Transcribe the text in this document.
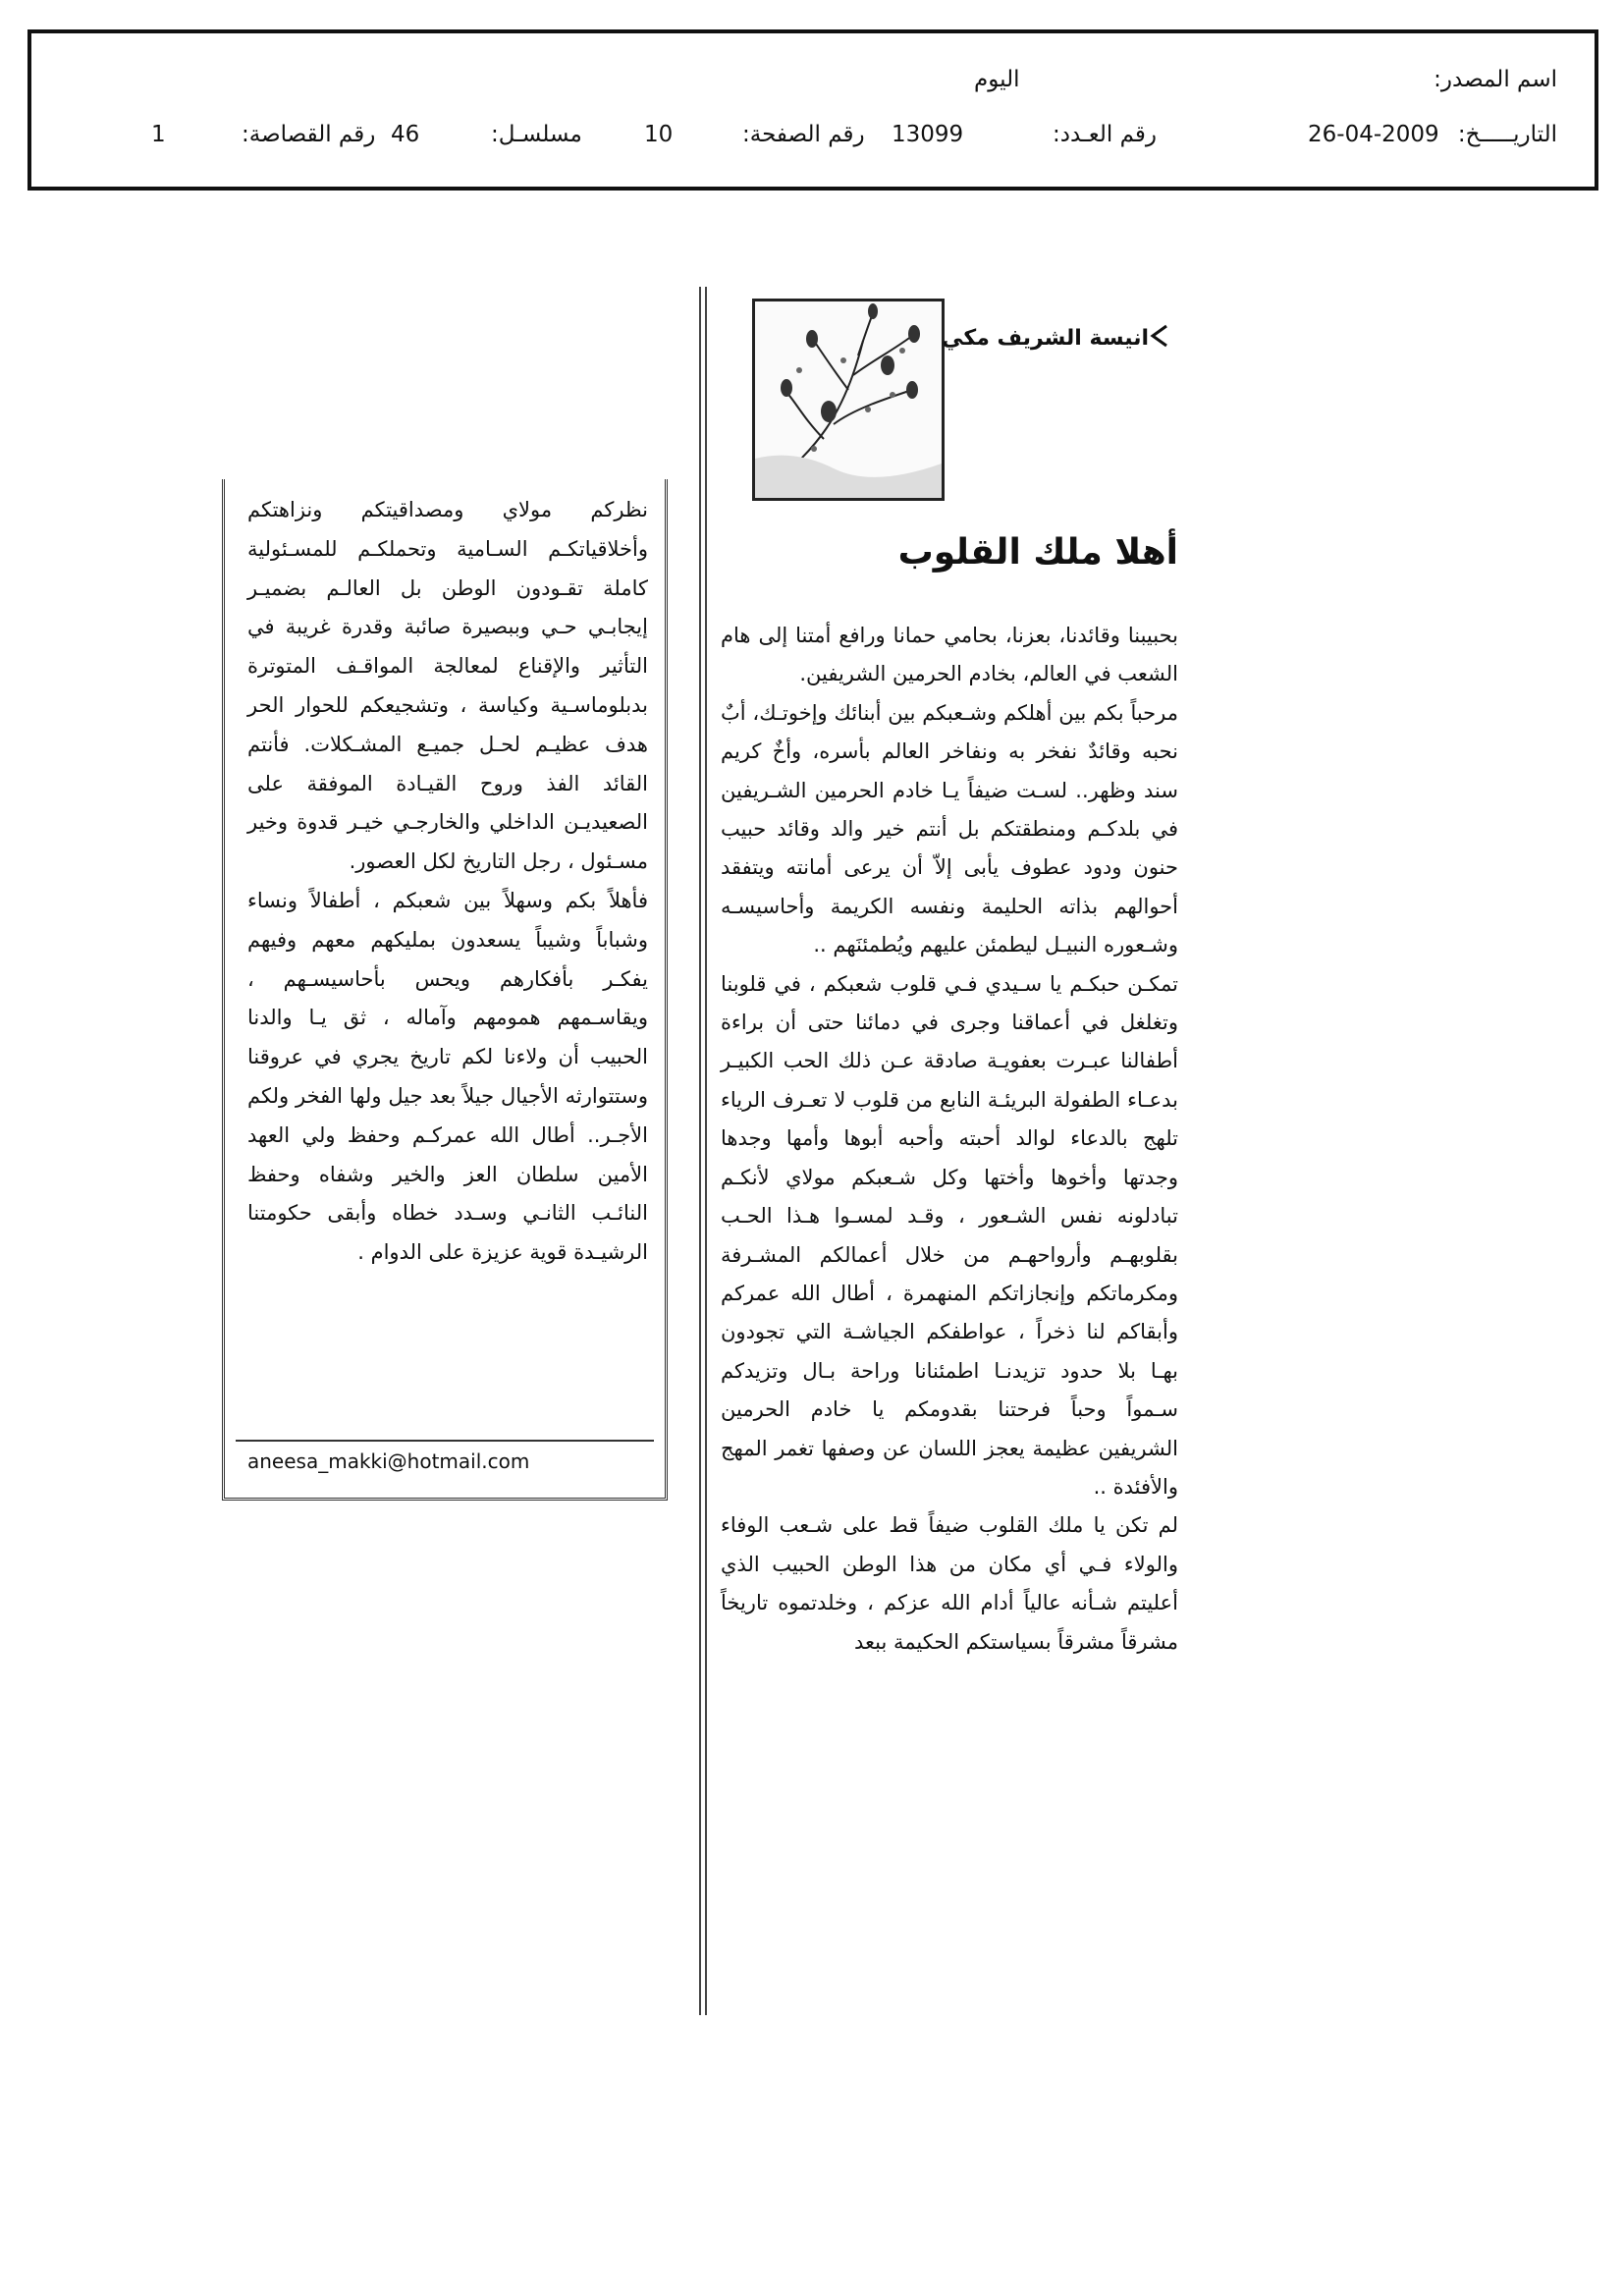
اسم المصدر:
اليوم
التاريـــــخ:
26-04-2009
رقم العـدد:
13099
رقم الصفحة:
10
مسلسـل:
46
رقم القصاصة:
1
انيسة الشريف مكي
أهلا ملك القلوب

بحبيبنا وقائدنا، بعزنا، بحامي حمانا ورافع أمتنا إلى هام الشعب في العالم، بخادم الحرمين الشريفين.

مرحباً بكم بين أهلكم وشـعبكم بين أبنائك وإخوتـك، أبٌ نحبه وقائدٌ نفخر به ونفاخر العالم بأسره، وأخٌ كريم سند وظهر.. لسـت ضيفاً يـا خادم الحرمين الشـريفين في بلدكـم ومنطقتكم بل أنتم خير والد وقائد حبيب حنون ودود عطوف يأبى إلاّ أن يرعى أمانته ويتفقد أحوالهم بذاته الحليمة ونفسه الكريمة وأحاسيسـه وشـعوره النبيـل ليطمئن عليهم ويُطمئنَهم ..

تمكـن حبكـم يا سـيدي فـي قلوب شعبكم ، في قلوبنا وتغلغل في أعماقنا وجرى في دمائنا حتى أن براءة أطفالنا عبـرت بعفويـة صادقة عـن ذلك الحب الكبيـر بدعـاء الطفولة البريئـة النابع من قلوب لا تعـرف الرياء تلهج بالدعاء لوالد أحبته وأحبه أبوها وأمها وجدها وجدتها وأخوها وأختها وكل شـعبكم مولاي لأنكـم تبادلونه نفس الشـعور ، وقـد لمسـوا هـذا الحـب بقلوبهـم وأرواحهـم من خلال أعمالكم المشـرفة ومكرماتكم وإنجازاتكم المنهمرة ، أطال الله عمركم وأبقاكم لنا ذخراً ، عواطفكم الجياشـة التي تجودون بهـا بلا حدود تزيدنـا اطمئنانا وراحة بـال وتزيدكم سـمواً وحباً فرحتنا بقدومكم يا خادم الحرمين الشريفين عظيمة يعجز اللسان عن وصفها تغمر المهج والأفئدة ..

لم تكن يا ملك القلوب ضيفاً قط على شـعب الوفاء والولاء فـي أي مكان من هذا الوطن الحبيب الذي أعليتم شـأنه عالياً أدام الله عزكم ، وخلدتموه تاريخاً مشرقاً مشرقاً بسياستكم الحكيمة ببعد

نظركم مولاي ومصداقيتكم ونزاهتكم وأخلاقياتكـم السـامية وتحملكـم للمسـئولية كاملة تقـودون الوطن بل العالـم بضميـر إيجابـي حـي وببصيرة صائبة وقدرة غريبة في التأثير والإقناع لمعالجة المواقـف المتوترة بدبلوماسـية وكياسة ، وتشجيعكم للحوار الحر هدف عظيـم لحـل جميـع المشـكلات. فأنتم القائد الفذ وروح القيـادة الموفقة على الصعيديـن الداخلي والخارجـي خيـر قدوة وخير مسـئول ، رجل التاريخ لكل العصور.

فأهلاً بكم وسهلاً بين شعبكم ، أطفالاً ونساء وشباباً وشيباً يسعدون بمليكهم معهم وفيهم يفكـر بأفكارهم ويحس بأحاسيسـهم ، ويقاسـمهم همومهم وآماله ، ثق يـا والدنا الحبيب أن ولاءنا لكم تاريخ يجري في عروقنا وستتوارثه الأجيال جيلاً بعد جيل ولها الفخر ولكم الأجـر.. أطال الله عمركـم وحفظ ولي العهد الأمين سلطان العز والخير وشفاه وحفظ النائـب الثانـي وسـدد خطاه وأبقى حكومتنا الرشيـدة قوية عزيزة على الدوام .

aneesa_makki@hotmail.com
